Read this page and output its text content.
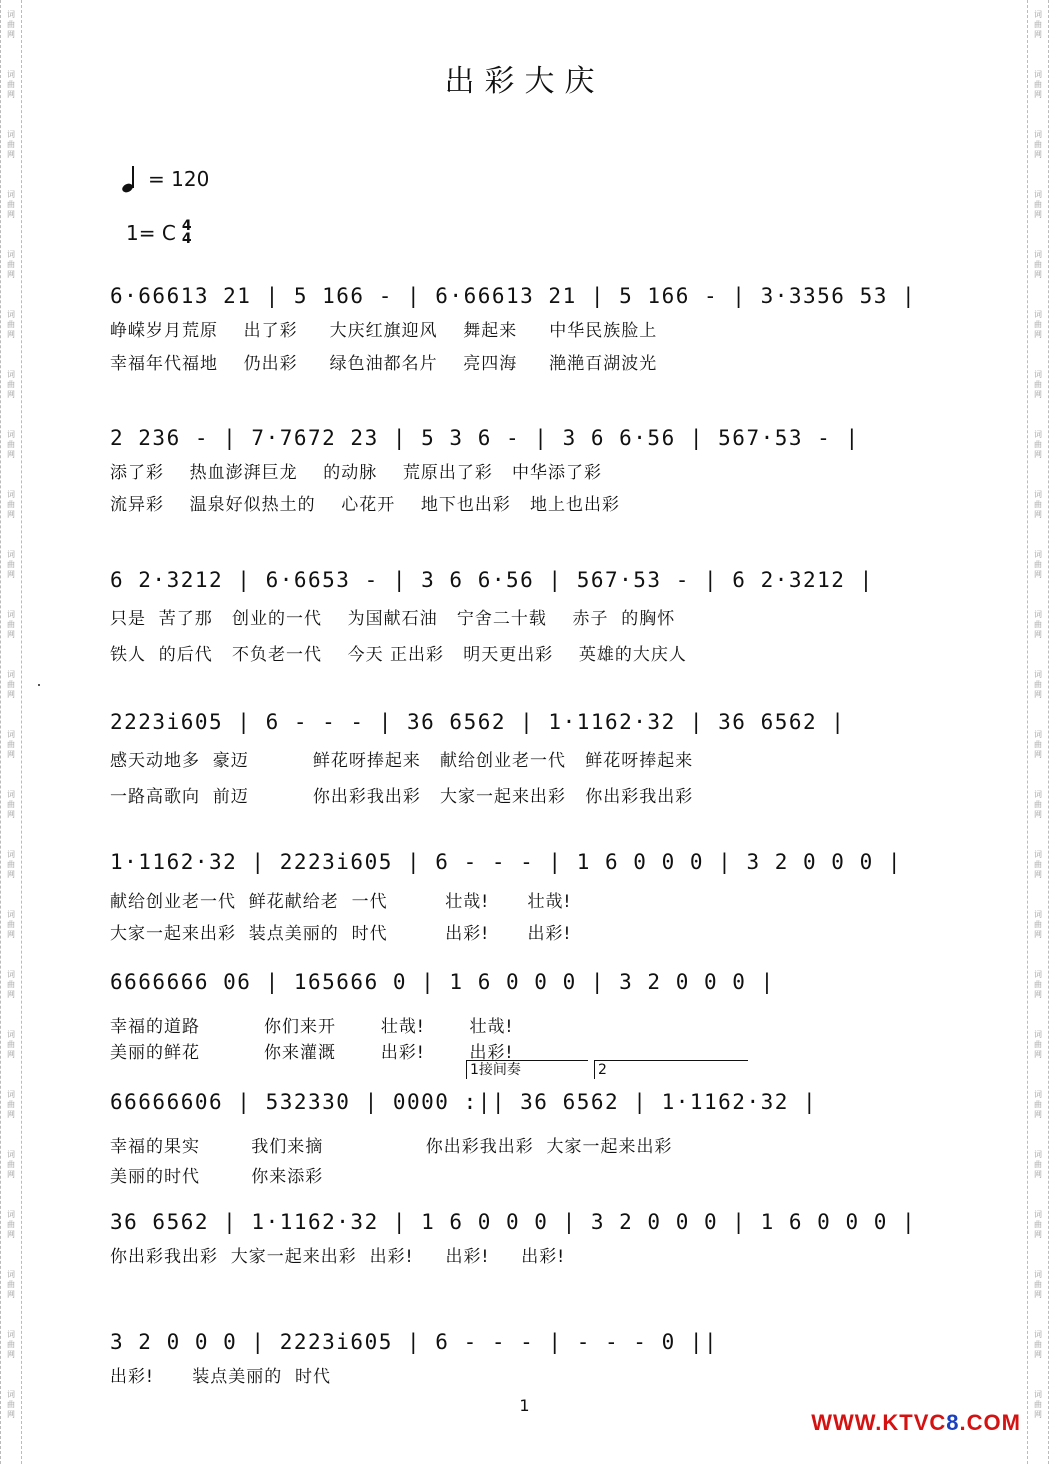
词
曲
网
词
曲
网
词
曲
网
词
曲
网
词
曲
网
词
曲
网
词
曲
网
词
曲
网
词
曲
网
词
曲
网
词
曲
网
词
曲
网
词
曲
网
词
曲
网
词
曲
网
词
曲
网
词
曲
网
词
曲
网
词
曲
网
词
曲
网
词
曲
网
词
曲
网
词
曲
网
词
曲
网
词
曲
网
词
曲
网
词
曲
网
词
曲
网
词
曲
网
词
曲
网
词
曲
网
词
曲
网
词
曲
网
词
曲
网
词
曲
网
词
曲
网
词
曲
网
词
曲
网
词
曲
网
词
曲
网
词
曲
网
词
曲
网
词
曲
网
词
曲
网
词
曲
网
词
曲
网
词
曲
网
词
曲
网
出彩大庆
= 120
1= C 4
4
6·66613 21 | 5 166 - | 6·66613 21 | 5 166 - | 3·3356 53 |
峥嵘岁月荒原    出了彩     大庆红旗迎风    舞起来     中华民族脸上
幸福年代福地    仍出彩     绿色油都名片    亮四海     滟滟百湖波光
2 236 - | 7·7672 23 | 5 3 6 - | 3 6 6·56 | 567·53 - |
添了彩    热血澎湃巨龙    的动脉    荒原出了彩   中华添了彩
流异彩    温泉好似热土的    心花开    地下也出彩   地上也出彩
6 2·3212 | 6·6653 - | 3 6 6·56 | 567·53 - | 6 2·3212 |
只是  苦了那   创业的一代    为国献石油   宁舍二十载    赤子  的胸怀
铁人  的后代   不负老一代    今天 正出彩   明天更出彩    英雄的大庆人
2223i605 | 6 - - - | 36 6562 | 1·1162·32 | 36 6562 |
感天动地多  豪迈          鲜花呀捧起来   献给创业老一代   鲜花呀捧起来
一路高歌向  前迈          你出彩我出彩   大家一起来出彩   你出彩我出彩
1·1162·32 | 2223i605 | 6 - - - | 1 6 0 0 0 | 3 2 0 0 0 |
献给创业老一代  鲜花献给老  一代         壮哉!      壮哉!
大家一起来出彩  装点美丽的  时代         出彩!      出彩!
6666666 06 | 165666 0 | 1 6 0 0 0 | 3 2 0 0 0 |
幸福的道路          你们来开       壮哉!       壮哉!
美丽的鲜花          你来灌溉       出彩!       出彩!
1接间奏	2
66666606 | 532330 | 0000 :|| 36 6562 | 1·1162·32 |
幸福的果实        我们来摘                你出彩我出彩  大家一起来出彩
美丽的时代        你来添彩
36 6562 | 1·1162·32 | 1 6 0 0 0 | 3 2 0 0 0 | 1 6 0 0 0 |
你出彩我出彩  大家一起来出彩  出彩!     出彩!     出彩!
3 2 0 0 0 | 2223i605 | 6 - - - | - - - 0 ||
出彩!      装点美丽的  时代
1
WWW.KTVC8.COM
